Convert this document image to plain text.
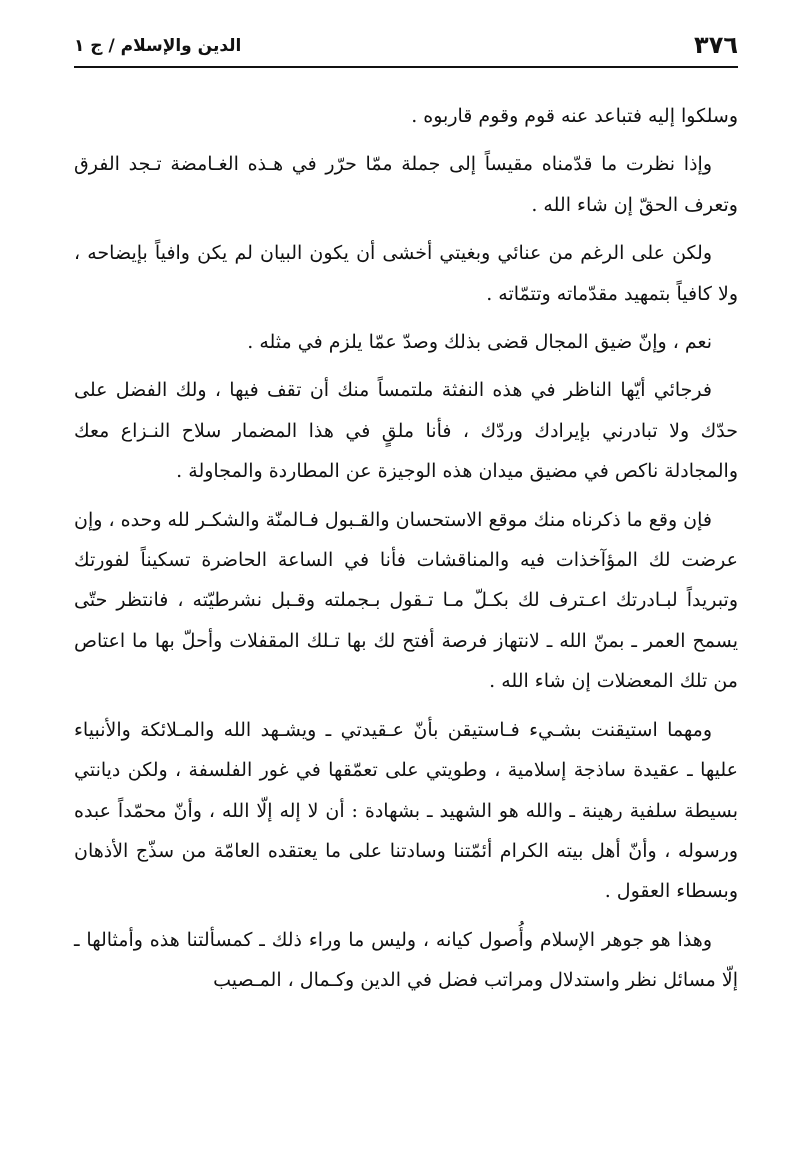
٣٧٦
الدين والإسلام / ج ١

وسلكوا إليه فتباعد عنه قوم وقوم قاربوه .

وإذا نظرت ما قدّمناه مقيساً إلى جملة ممّا حرّر في هـذه الغـامضة تـجد الفرق وتعرف الحقّ إن شاء الله .

ولكن على الرغم من عنائي وبغيتي أخشى أن يكون البيان لم يكن وافياً بإيضاحه ، ولا كافياً بتمهيد مقدّماته وتتمّاته .

نعم ، وإنّ ضيق المجال قضى بذلك وصدّ عمّا يلزم في مثله .

فرجائي أيّها الناظر في هذه النفثة ملتمساً منك أن تقف فيها ، ولك الفضل على حدّك ولا تبادرني بإيرادك وردّك ، فأنا ملقٍ في هذا المضمار سلاح النـزاع معك والمجادلة ناكص في مضيق ميدان هذه الوجيزة عن المطاردة والمجاولة .

فإن وقع ما ذكرناه منك موقع الاستحسان والقـبول فـالمنّة والشكـر لله وحده ، وإن عرضت لك المؤآخذات فيه والمناقشات فأنا في الساعة الحاضرة تسكيناً لفورتك وتبريداً لبـادرتك اعـترف لك بكـلّ مـا تـقول بـجملته وقـبل نشرطيّته ، فانتظر حتّى يسمح العمر ـ بمنّ الله ـ لانتهاز فرصة أفتح لك بها تـلك المقفلات وأحلّ بها ما اعتاص من تلك المعضلات إن شاء الله .

ومهما استيقنت بشـيء فـاستيقن بأنّ عـقيدتي ـ ويشـهد الله والمـلائكة والأنبياء عليها ـ عقيدة ساذجة إسلامية ، وطويتي على تعمّقها في غور الفلسفة ، ولكن ديانتي بسيطة سلفية رهينة ـ والله هو الشهيد ـ بشهادة : أن لا إله إلّا الله ، وأنّ محمّداً عبده ورسوله ، وأنّ أهل بيته الكرام أئمّتنا وسادتنا على ما يعتقده العامّة من سذّج الأذهان وبسطاء العقول .

وهذا هو جوهر الإسلام وأُصول كيانه ، وليس ما وراء ذلك ـ كمسألتنا هذه وأمثالها ـ إلّا مسائل نظر واستدلال ومراتب فضل في الدين وكـمال ، المـصيب
